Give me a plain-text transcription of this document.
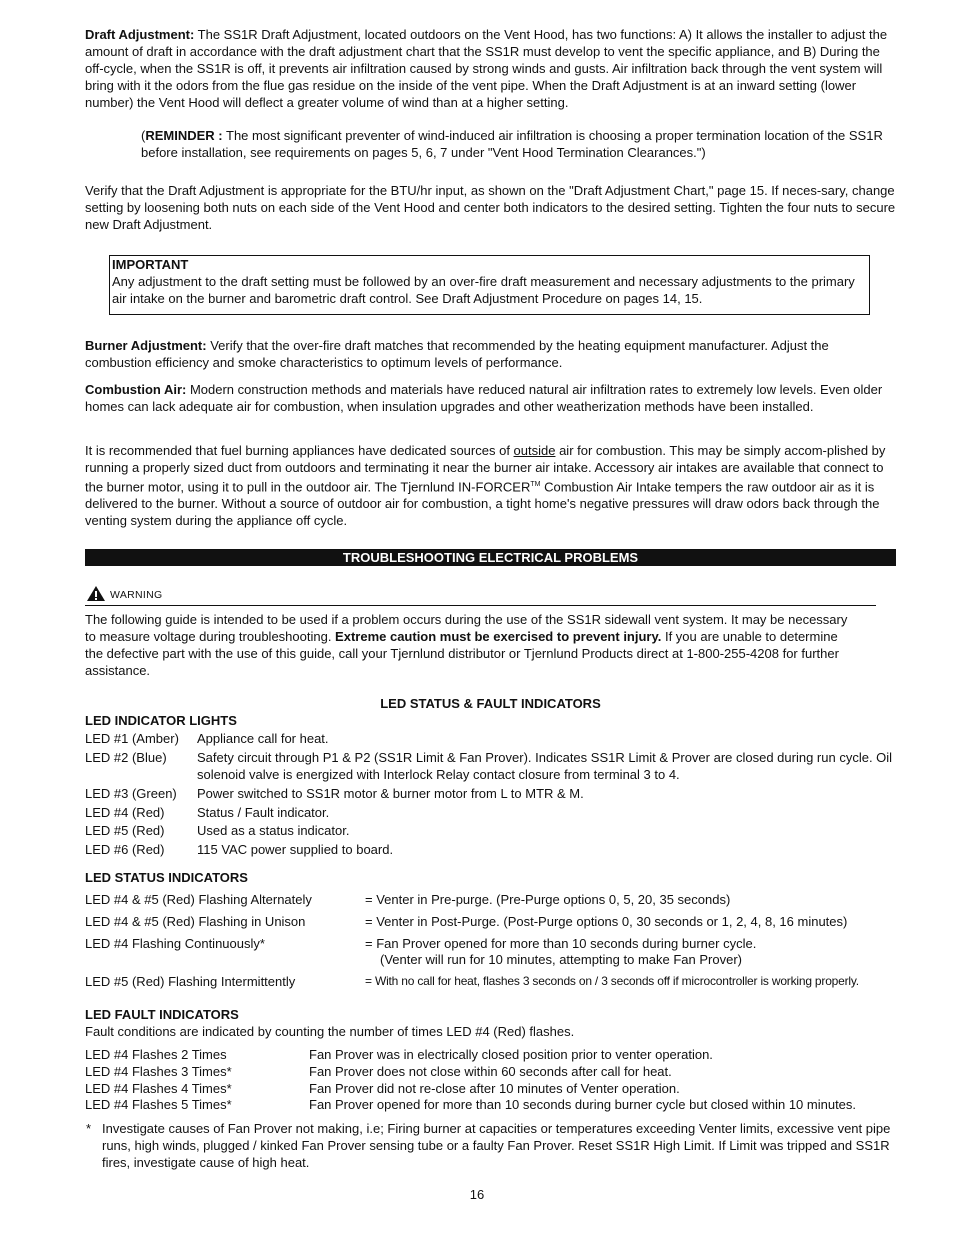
Draft Adjustment: The SS1R Draft Adjustment, located outdoors on the Vent Hood, has two functions: A) It allows the installer to adjust the amount of draft in accordance with the draft adjustment chart that the SS1R must develop to vent the specific appliance, and B) During the off-cycle, when the SS1R is off, it prevents air infiltration caused by strong winds and gusts. Air infiltration back through the vent system will bring with it the odors from the flue gas residue on the inside of the vent pipe. When the Draft Adjustment is at an inward setting (lower number) the Vent Hood will deflect a greater volume of wind than at a higher setting.

(REMINDER : The most significant preventer of wind-induced air infiltration is choosing a proper termination location of the SS1R before installation, see requirements on pages 5, 6, 7 under "Vent Hood Termination Clearances.")

Verify that the Draft Adjustment is appropriate for the BTU/hr input, as shown on the "Draft Adjustment Chart," page 15. If neces-sary, change setting by loosening both nuts on each side of the Vent Hood and center both indicators to the desired setting. Tighten the four nuts to secure new Draft Adjustment.

IMPORTANT
Any adjustment to the draft setting must be followed by an over-fire draft measurement and necessary adjustments to the primary air intake on the burner and barometric draft control. See Draft Adjustment Procedure on pages 14, 15.

Burner Adjustment: Verify that the over-fire draft matches that recommended by the heating equipment manufacturer. Adjust the combustion efficiency and smoke characteristics to optimum levels of performance.

Combustion Air: Modern construction methods and materials have reduced natural air infiltration rates to extremely low levels. Even older homes can lack adequate air for combustion, when insulation upgrades and other weatherization methods have been installed.

It is recommended that fuel burning appliances have dedicated sources of outside air for combustion. This may be simply accom-plished by running a properly sized duct from outdoors and terminating it near the burner air intake. Accessory air intakes are available that connect to the burner motor, using it to pull in the outdoor air. The Tjernlund IN-FORCER™ Combustion Air Intake tempers the raw outdoor air as it is delivered to the burner. Without a source of outdoor air for combustion, a tight home's negative pressures will draw odors back through the venting system during the appliance off cycle.

TROUBLESHOOTING ELECTRICAL PROBLEMS
WARNING

The following guide is intended to be used if a problem occurs during the use of the SS1R sidewall vent system. It may be necessary to measure voltage during troubleshooting. Extreme caution must be exercised to prevent injury. If you are unable to determine the defective part with the use of this guide, call your Tjernlund distributor or Tjernlund Products direct at 1-800-255-4208 for further assistance.

LED STATUS & FAULT INDICATORS
LED INDICATOR LIGHTS
LED #1 (Amber) Appliance call for heat.
LED #2 (Blue) Safety circuit through P1 & P2 (SS1R Limit & Fan Prover). Indicates SS1R Limit & Prover are closed during run cycle. Oil solenoid valve is energized with Interlock Relay contact closure from terminal 3 to 4.
LED #3 (Green) Power switched to SS1R motor & burner motor from L to MTR & M.
LED #4 (Red)	Status / Fault indicator.
LED #5 (Red)	Used as a status indicator.
LED #6 (Red)	115 VAC power supplied to board.
LED STATUS INDICATORS
LED #4 & #5 (Red) Flashing Alternately	= Venter in Pre-purge. (Pre-Purge options 0, 5, 20, 35 seconds)
LED #4 & #5 (Red) Flashing in Unison	= Venter in Post-Purge. (Post-Purge options 0, 30 seconds or 1, 2, 4, 8, 16 minutes)
LED #4 Flashing Continuously*	= Fan Prover opened for more than 10 seconds during burner cycle.
(Venter will run for 10 minutes, attempting to make Fan Prover)
LED #5 (Red) Flashing Intermittently	= With no call for heat, flashes 3 seconds on / 3 seconds off if microcontroller is working properly.
LED FAULT INDICATORS
Fault conditions are indicated by counting the number of times LED #4 (Red) flashes.
LED #4 Flashes 2 Times	Fan Prover was in electrically closed position prior to venter operation.
LED #4 Flashes 3 Times*	Fan Prover does not close within 60 seconds after call for heat.
LED #4 Flashes 4 Times*	Fan Prover did not re-close after 10 minutes of Venter operation.
LED #4 Flashes 5 Times*	Fan Prover opened for more than 10 seconds during burner cycle but closed within 10 minutes.
* Investigate causes of Fan Prover not making, i.e; Firing burner at capacities or temperatures exceeding Venter limits, excessive vent pipe runs, high winds, plugged / kinked Fan Prover sensing tube or a faulty Fan Prover. Reset SS1R High Limit. If Limit was tripped and SS1R fires, investigate cause of high heat.
16
